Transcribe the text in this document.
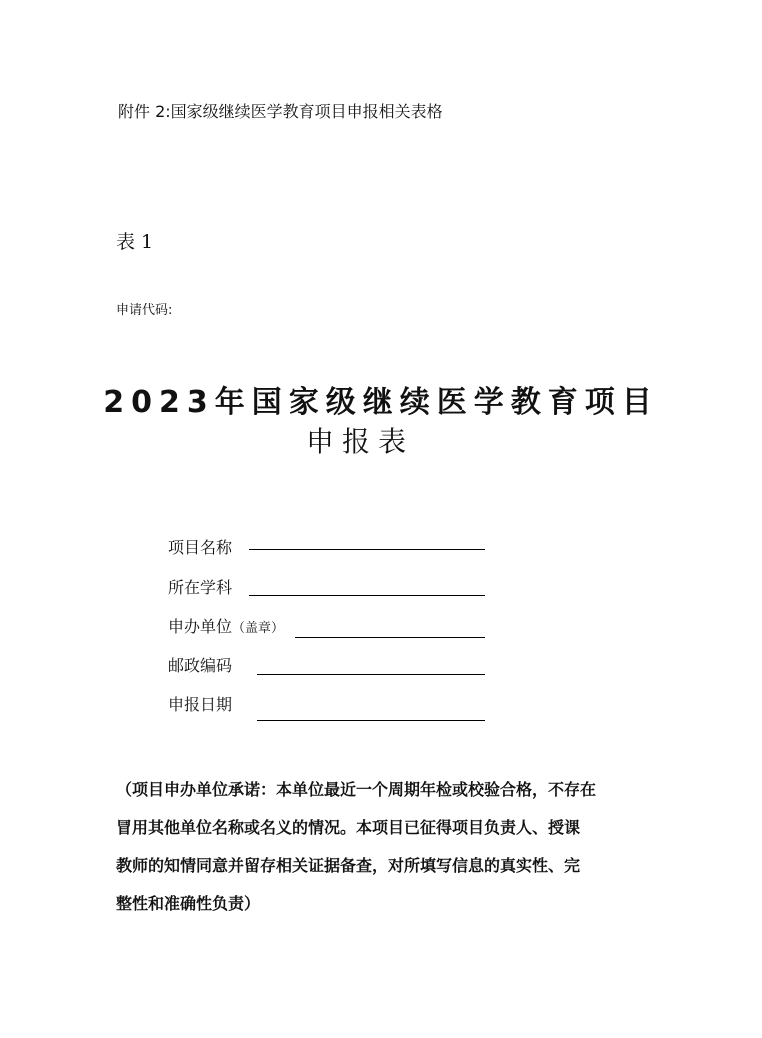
附件 2:国家级继续医学教育项目申报相关表格
表 1
申请代码:
2023年国家级继续医学教育项目
申报表
项目名称
所在学科
申办单位（盖章）
邮政编码
申报日期
（项目申办单位承诺：本单位最近一个周期年检或校验合格，不存在
冒用其他单位名称或名义的情况。本项目已征得项目负责人、授课
教师的知情同意并留存相关证据备查，对所填写信息的真实性、完
整性和准确性负责）
